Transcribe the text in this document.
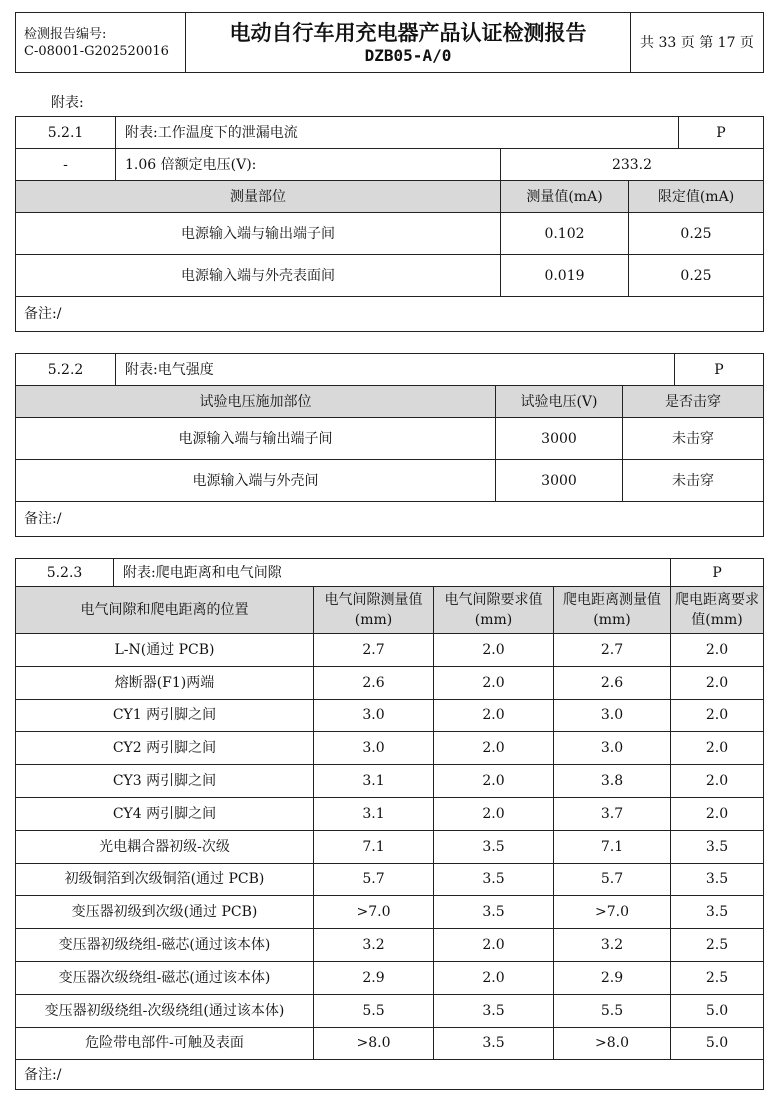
检测报告编号:
C-08001-G202520016

电动自行车用充电器产品认证检测报告
DZB05-A/0
	共 33 页 第 17 页
附表:
5.2.1	附表:工作温度下的泄漏电流			P
-	1.06 倍额定电压(V):	233.2		
测量部位		测量值(mA)	限定值(mA)	
电源输入端与输出端子间		0.102	0.25	
电源输入端与外壳表面间		0.019	0.25	
备注:/				
5.2.2	附表:电气强度			P
试验电压施加部位		试验电压(V)	是否击穿	
电源输入端与输出端子间		3000	未击穿	
电源输入端与外壳间		3000	未击穿	
备注:/				
5.2.3	附表:爬电距离和电气间隙				P
电气间隙和爬电距离的位置		电气间隙测量值(mm)	电气间隙要求值(mm)	爬电距离测量值(mm)	爬电距离要求值(mm)
L-N(通过 PCB)		2.7	2.0	2.7	2.0
熔断器(F1)两端		2.6	2.0	2.6	2.0
CY1 两引脚之间		3.0	2.0	3.0	2.0
CY2 两引脚之间		3.0	2.0	3.0	2.0
CY3 两引脚之间		3.1	2.0	3.8	2.0
CY4 两引脚之间		3.1	2.0	3.7	2.0
光电耦合器初级-次级		7.1	3.5	7.1	3.5
初级铜箔到次级铜箔(通过 PCB)		5.7	3.5	5.7	3.5
变压器初级到次级(通过 PCB)		>7.0	3.5	>7.0	3.5
变压器初级绕组-磁芯(通过该本体)		3.2	2.0	3.2	2.5
变压器次级绕组-磁芯(通过该本体)		2.9	2.0	2.9	2.5
变压器初级绕组-次级绕组(通过该本体)		5.5	3.5	5.5	5.0
危险带电部件-可触及表面		>8.0	3.5	>8.0	5.0
备注:/					
